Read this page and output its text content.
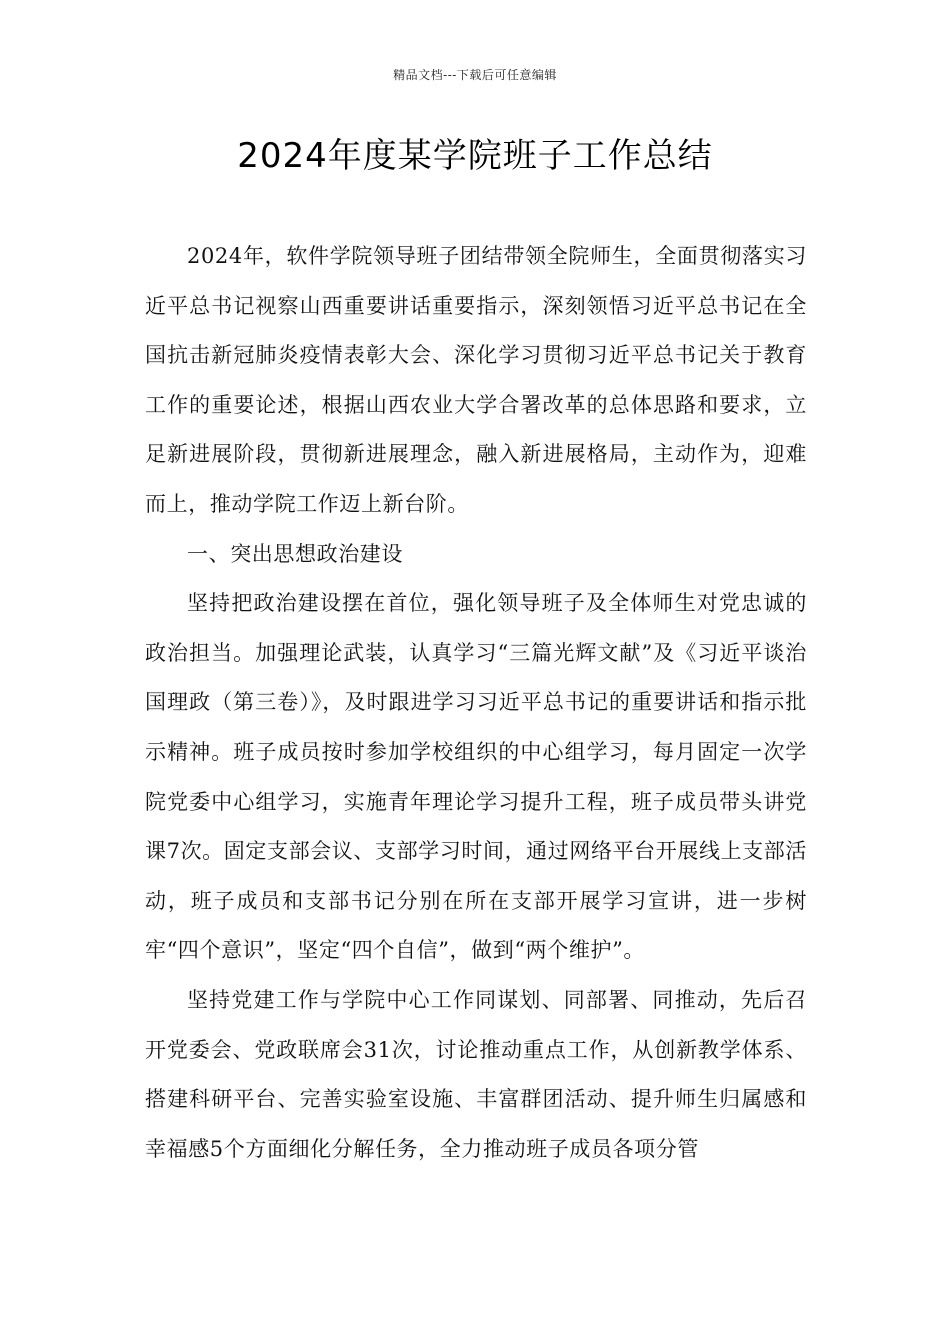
精品文档---下载后可任意编辑
2024年度某学院班子工作总结

2024年，软件学院领导班子团结带领全院师生，全面贯彻落实习近平总书记视察山西重要讲话重要指示，深刻领悟习近平总书记在全国抗击新冠肺炎疫情表彰大会、深化学习贯彻习近平总书记关于教育工作的重要论述，根据山西农业大学合署改革的总体思路和要求，立足新进展阶段，贯彻新进展理念，融入新进展格局，主动作为，迎难而上，推动学院工作迈上新台阶。

一、突出思想政治建设

坚持把政治建设摆在首位，强化领导班子及全体师生对党忠诚的政治担当。加强理论武装，认真学习“三篇光辉文献”及《习近平谈治国理政（第三卷）》，及时跟进学习习近平总书记的重要讲话和指示批示精神。班子成员按时参加学校组织的中心组学习，每月固定一次学院党委中心组学习，实施青年理论学习提升工程，班子成员带头讲党课7次。固定支部会议、支部学习时间，通过网络平台开展线上支部活动，班子成员和支部书记分别在所在支部开展学习宣讲，进一步树牢“四个意识”，坚定“四个自信”，做到“两个维护”。

坚持党建工作与学院中心工作同谋划、同部署、同推动，先后召开党委会、党政联席会31次，讨论推动重点工作，从创新教学体系、搭建科研平台、完善实验室设施、丰富群团活动、提升师生归属感和幸福感5个方面细化分解任务，全力推动班子成员各项分管
